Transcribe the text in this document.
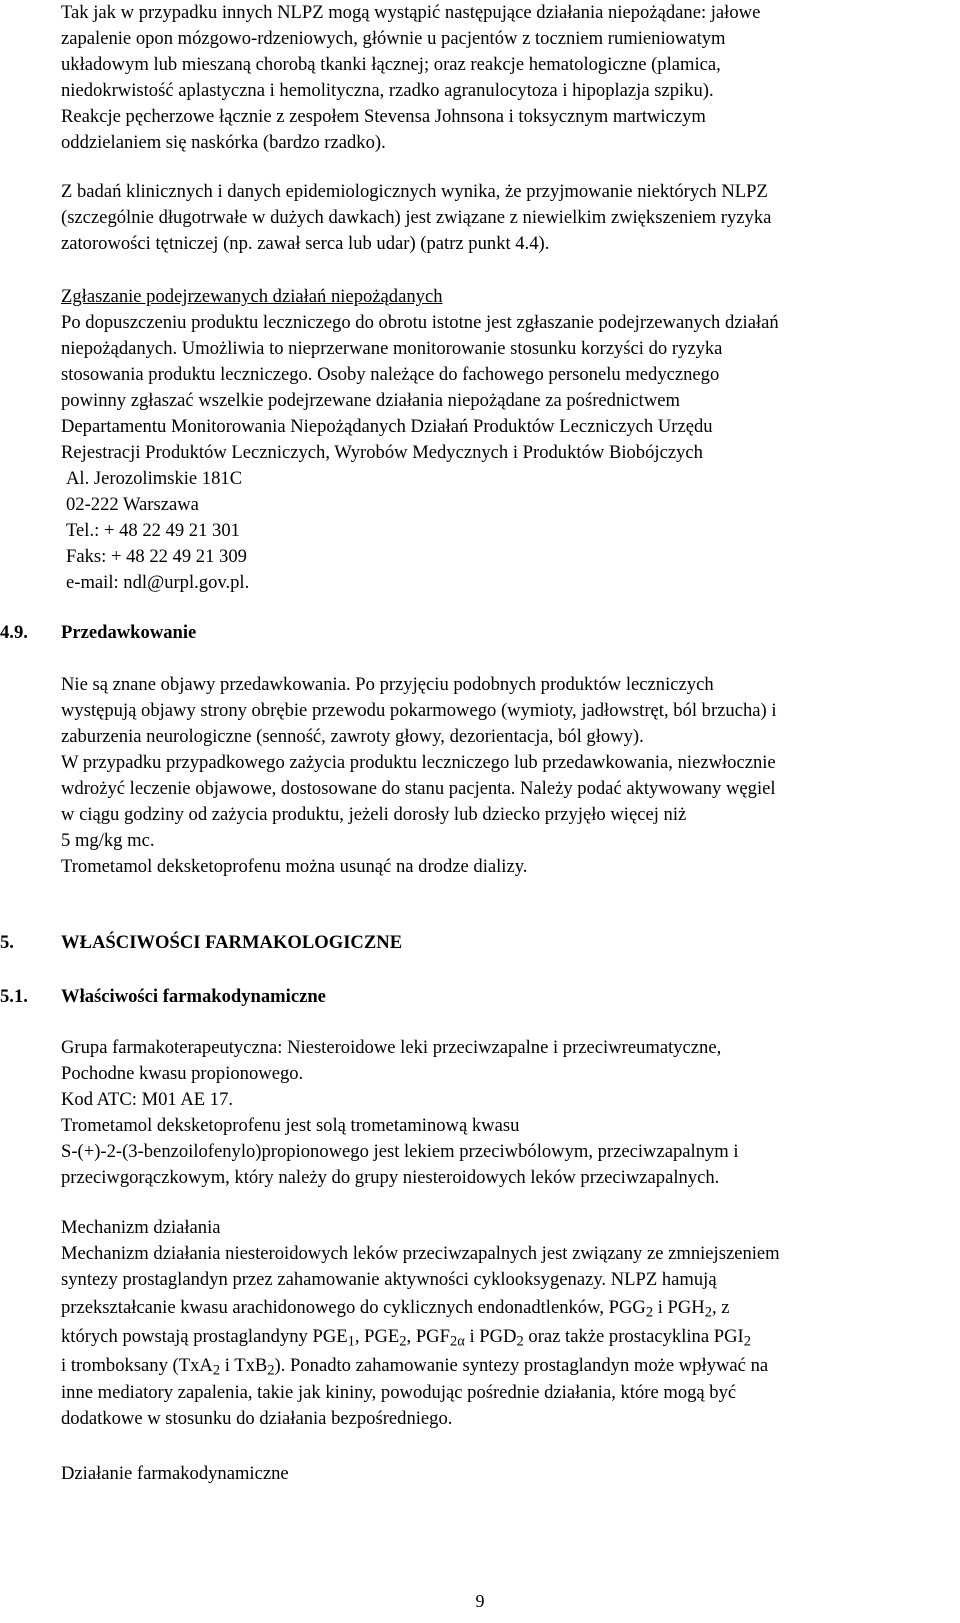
Tak jak w przypadku innych NLPZ mogą wystąpić następujące działania niepożądane: jałowe

zapalenie opon mózgowo-rdzeniowych, głównie u pacjentów z toczniem rumieniowatym

układowym lub mieszaną chorobą tkanki łącznej; oraz reakcje hematologiczne (plamica,

niedokrwistość aplastyczna i hemolityczna, rzadko agranulocytoza i hipoplazja szpiku).

Reakcje pęcherzowe łącznie z zespołem Stevensa Johnsona i toksycznym martwiczym

oddzielaniem się naskórka (bardzo rzadko).

Z badań klinicznych i danych epidemiologicznych wynika, że przyjmowanie niektórych NLPZ

(szczególnie długotrwałe w dużych dawkach) jest związane z niewielkim zwiększeniem ryzyka

zatorowości tętniczej (np. zawał serca lub udar) (patrz punkt 4.4).

Zgłaszanie podejrzewanych działań niepożądanych

Po dopuszczeniu produktu leczniczego do obrotu istotne jest zgłaszanie podejrzewanych działań

niepożądanych. Umożliwia to nieprzerwane monitorowanie stosunku korzyści do ryzyka

stosowania produktu leczniczego. Osoby należące do fachowego personelu medycznego

powinny zgłaszać wszelkie podejrzewane działania niepożądane za pośrednictwem

Departamentu Monitorowania Niepożądanych Działań Produktów Leczniczych Urzędu

Rejestracji Produktów Leczniczych, Wyrobów Medycznych i Produktów Biobójczych

Al. Jerozolimskie 181C

02-222 Warszawa

Tel.: + 48 22 49 21 301

Faks: + 48 22 49 21 309

e-mail: ndl@urpl.gov.pl.

4.9. Przedawkowanie

Nie są znane objawy przedawkowania. Po przyjęciu podobnych produktów leczniczych

występują objawy strony obrębie przewodu pokarmowego (wymioty, jadłowstręt, ból brzucha) i

zaburzenia neurologiczne (senność, zawroty głowy, dezorientacja, ból głowy).

W przypadku przypadkowego zażycia produktu leczniczego lub przedawkowania, niezwłocznie

wdrożyć leczenie objawowe, dostosowane do stanu pacjenta. Należy podać aktywowany węgiel

w ciągu godziny od zażycia produktu, jeżeli dorosły lub dziecko przyjęło więcej niż

5 mg/kg mc.

Trometamol deksketoprofenu można usunąć na drodze dializy.

5.	WŁAŚCIWOŚCI FARMAKOLOGICZNE
5.1. Właściwości farmakodynamiczne

Grupa farmakoterapeutyczna: Niesteroidowe leki przeciwzapalne i przeciwreumatyczne,

Pochodne kwasu propionowego.

Kod ATC: M01 AE 17.

Trometamol deksketoprofenu jest solą trometaminową kwasu

S-(+)-2-(3-benzoilofenylo)propionowego jest lekiem przeciwbólowym, przeciwzapalnym i

przeciwgorączkowym, który należy do grupy niesteroidowych leków przeciwzapalnych.

Mechanizm działania

Mechanizm działania niesteroidowych leków przeciwzapalnych jest związany ze zmniejszeniem

syntezy prostaglandyn przez zahamowanie aktywności cyklooksygenazy. NLPZ hamują

przekształcanie kwasu arachidonowego do cyklicznych endonadtlenków, $PGG_2$ i $PGH_2$, z

których powstają prostaglandyny $PGE_1$, $PGE_2$, $PGF_{2\alpha}$ i $PGD_2$ oraz także prostacyklina $PGI_2$

i tromboksany (TxA$_2$ i TxB$_2$). Ponadto zahamowanie syntezy prostaglandyn może wpływać na

inne mediatory zapalenia, takie jak kininy, powodując pośrednie działania, które mogą być

dodatkowe w stosunku do działania bezpośredniego.

Działanie farmakodynamiczne

9
